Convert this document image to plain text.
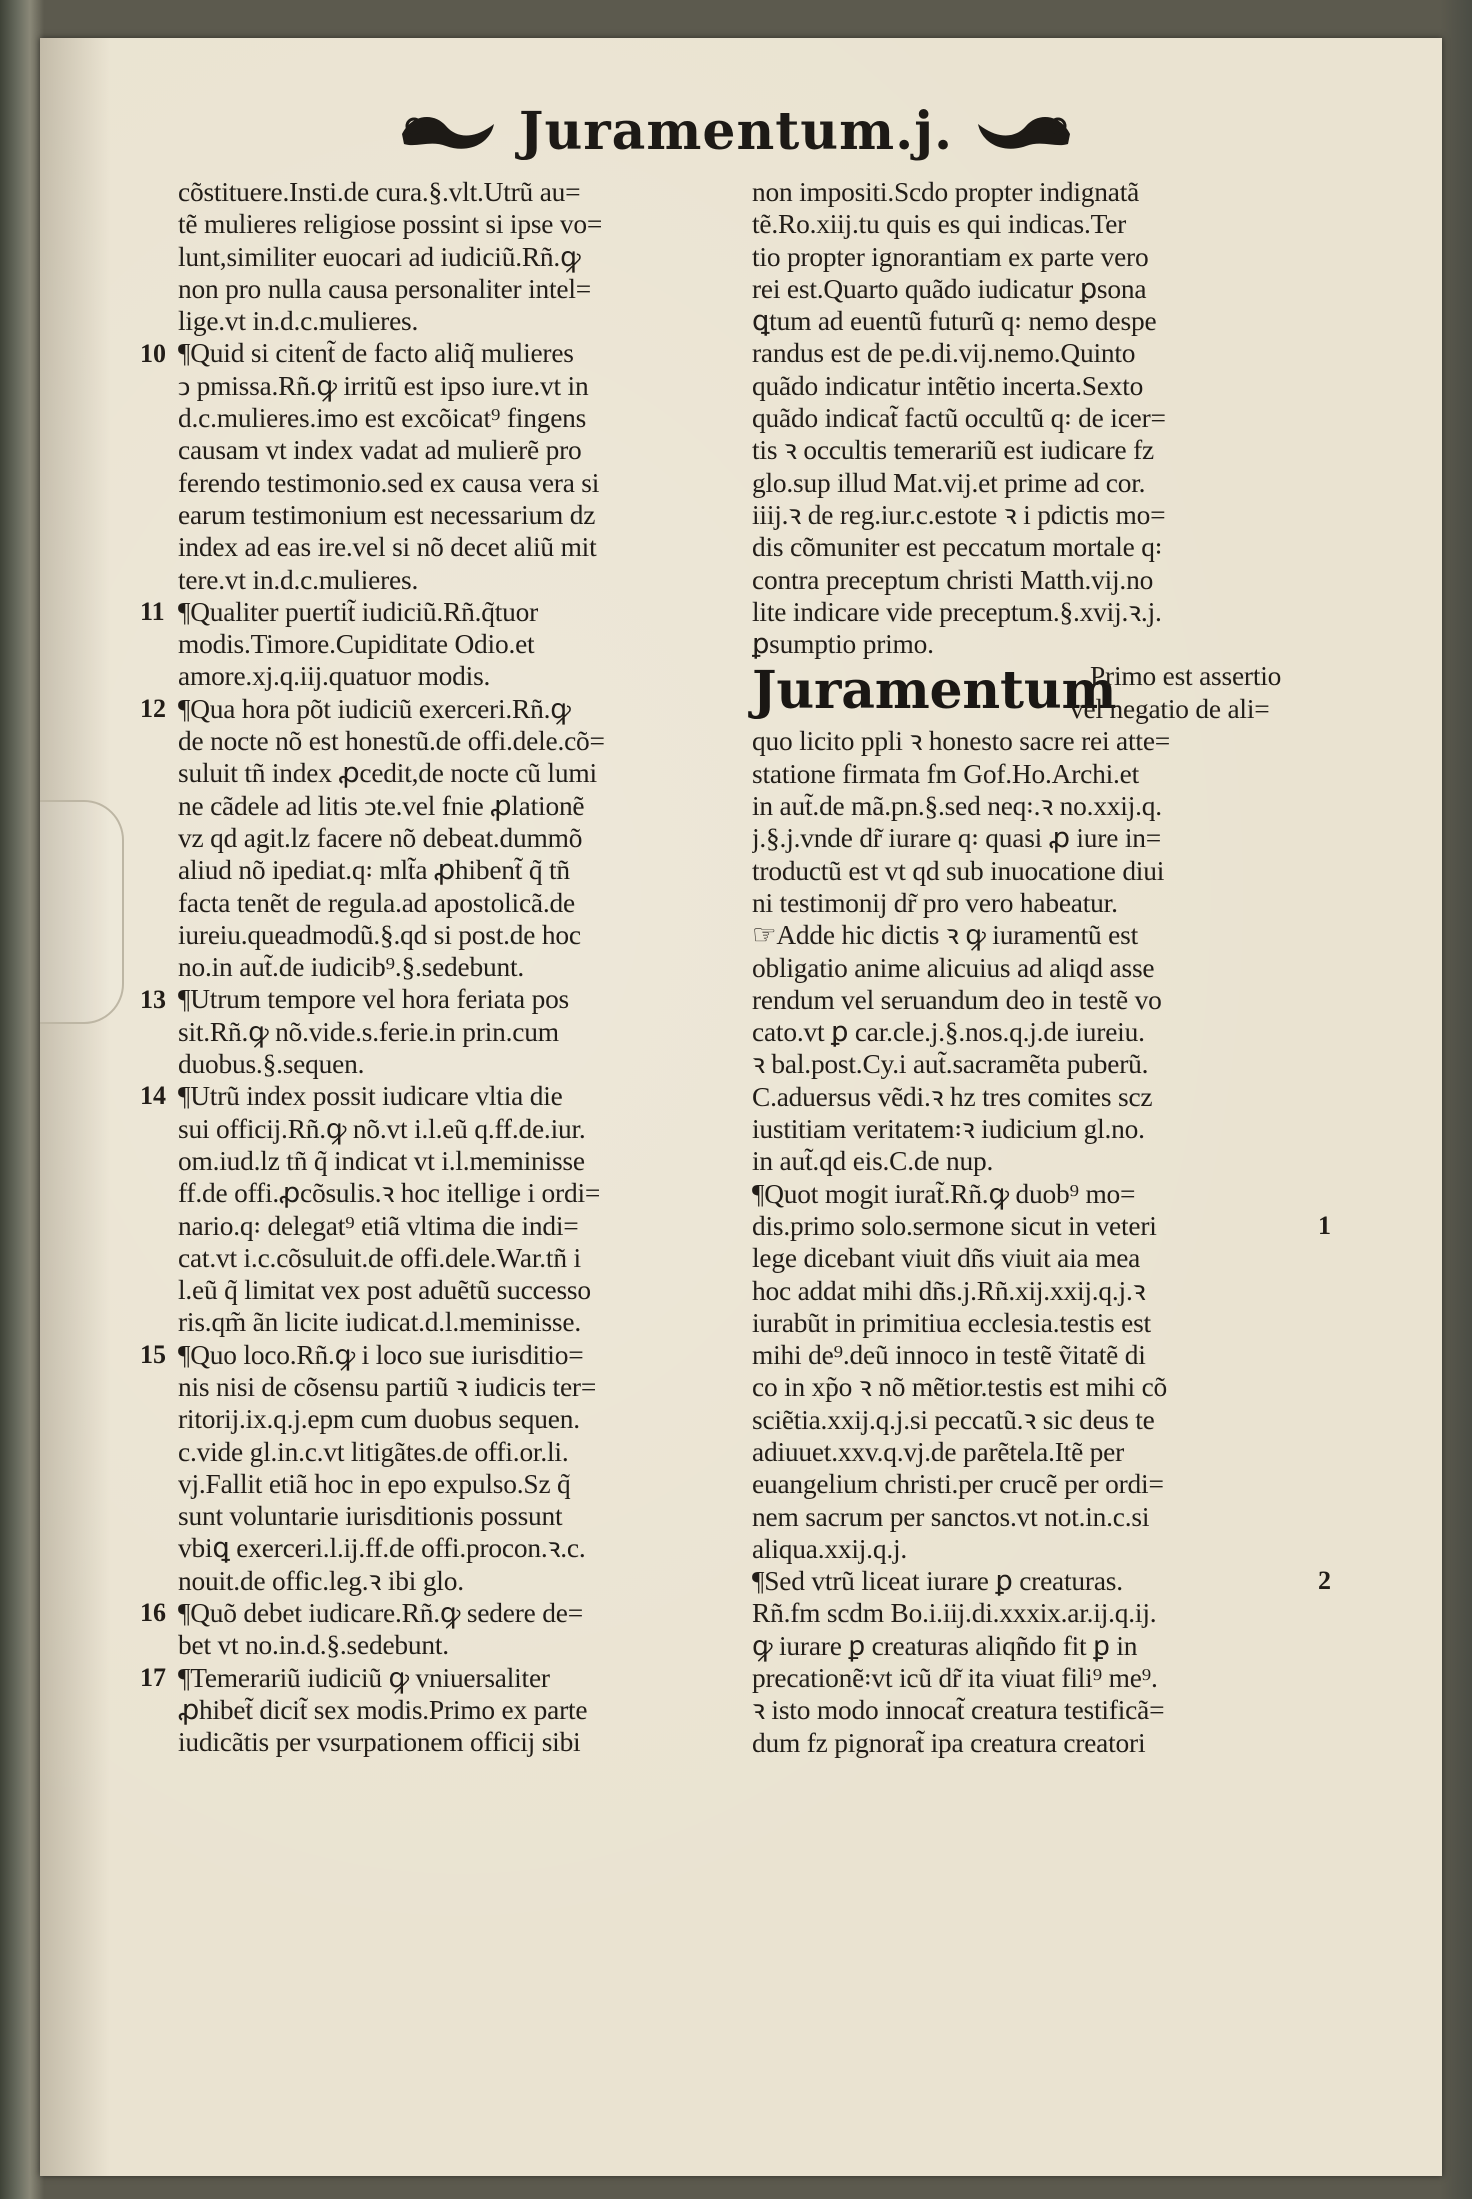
Juramentum.j.
cõstituere.Insti.de cura.§.vlt.Utrũ au=
tẽ mulieres religiose possint si ipse vo=
lunt,similiter euocari ad iudiciũ.Rñ.ꝙ
non pro nulla causa personaliter intel=
lige.vt in.d.c.mulieres.
¶Quid si citent̃ de facto aliq̃ mulieres
ↄ pmissa.Rñ.ꝙ irritũ est ipso iure.vt in
d.c.mulieres.imo est excõicat⁹ fingens
causam vt index vadat ad mulierẽ pro
ferendo testimonio.sed ex causa vera si
earum testimonium est necessarium dz
index ad eas ire.vel si nõ decet aliũ mit
tere.vt in.d.c.mulieres.
¶Qualiter puertit̃ iudiciũ.Rñ.q̃tuor
modis.Timore.Cupiditate Odio.et
amore.xj.q.iij.quatuor modis.
¶Qua hora põt iudiciũ exerceri.Rñ.ꝙ
de nocte nõ est honestũ.de offi.dele.cõ=
suluit tñ index ꝓcedit,de nocte cũ lumi
ne cãdele ad litis ↄte.vel fnie ꝓlationẽ
vz qd agit.lz facere nõ debeat.dummõ
aliud nõ ipediat.q꞉ mlt̃a ꝓhibent̃ q̃ tñ
facta tenẽt de regula.ad apostolicã.de
iureiu.queadmodũ.§.qd si post.de hoc
no.in aut̃.de iudicib⁹.§.sedebunt.
¶Utrum tempore vel hora feriata pos
sit.Rñ.ꝙ nõ.vide.s.ferie.in prin.cum
duobus.§.sequen.
¶Utrũ index possit iudicare vltia die
sui officij.Rñ.ꝙ nõ.vt i.l.eũ q.ff.de.iur.
om.iud.lz tñ q̃ indicat vt i.l.meminisse
ff.de offi.ꝓcõsulis.ꝛ hoc itellige i ordi=
nario.q꞉ delegat⁹ etiã vltima die indi=
cat.vt i.c.cõsuluit.de offi.dele.War.tñ i
l.eũ q̃ limitat vex post aduẽtũ successo
ris.qm̃ ãn licite iudicat.d.l.meminisse.
¶Quo loco.Rñ.ꝙ i loco sue iurisditio=
nis nisi de cõsensu partiũ ꝛ iudicis ter=
ritorij.ix.q.j.epm cum duobus sequen.
c.vide gl.in.c.vt litigãtes.de offi.or.li.
vj.Fallit etiã hoc in epo expulso.Sz q̃
sunt voluntarie iurisditionis possunt
vbiꝗ exerceri.l.ij.ff.de offi.procon.ꝛ.c.
nouit.de offic.leg.ꝛ ibi glo.
¶Quõ debet iudicare.Rñ.ꝙ sedere de=
bet vt no.in.d.§.sedebunt.
¶Temerariũ iudiciũ ꝙ vniuersaliter
ꝓhibet̃ dicit̃ sex modis.Primo ex parte
iudicãtis per vsurpationem officij sibi
non impositi.Scdo propter indignatã
tẽ.Ro.xiij.tu quis es qui indicas.Ter
tio propter ignorantiam ex parte vero
rei est.Quarto quãdo iudicatur ꝑsona
ꝗtum ad euentũ futurũ q꞉ nemo despe
randus est de pe.di.vij.nemo.Quinto
quãdo indicatur intẽtio incerta.Sexto
quãdo indicat̃ factũ occultũ q꞉ de icer=
tis ꝛ occultis temerariũ est iudicare fz
glo.sup illud Mat.vij.et prime ad cor.
iiij.ꝛ de reg.iur.c.estote ꝛ i pdictis mo=
dis cõmuniter est peccatum mortale q꞉
contra preceptum christi Matth.vij.no
lite indicare vide preceptum.§.xvij.ꝛ.j.
ꝑsumptio primo.
Juramentum
Primo est assertio
vel negatio de ali=
quo licito ppli ꝛ honesto sacre rei atte=
statione firmata fm Gof.Ho.Archi.et
in aut̃.de mã.pn.§.sed neq꞉.ꝛ no.xxij.q.
j.§.j.vnde dr̃ iurare q꞉ quasi ꝓ iure in=
troductũ est vt qd sub inuocatione diui
ni testimonij dr̃ pro vero habeatur.
☞Adde hic dictis ꝛ ꝙ iuramentũ est
obligatio anime alicuius ad aliqd asse
rendum vel seruandum deo in testẽ vo
cato.vt ꝑ car.cle.j.§.nos.q.j.de iureiu.
ꝛ bal.post.Cy.i aut̃.sacramẽta puberũ.
C.aduersus vẽdi.ꝛ hz tres comites scz
iustitiam veritatem꞉ꝛ iudicium gl.no.
in aut̃.qd eis.C.de nup.
¶Quot mogit iurat̃.Rñ.ꝙ duob⁹ mo=
dis.primo solo.sermone sicut in veteri
lege dicebant viuit dñs viuit aia mea
hoc addat mihi dñs.j.Rñ.xij.xxij.q.j.ꝛ
iurabũt in primitiua ecclesia.testis est
mihi de⁹.deũ innoco in testẽ ṽitatẽ di
co in xp̃o ꝛ nõ mẽtior.testis est mihi cõ
sciẽtia.xxij.q.j.si peccatũ.ꝛ sic deus te
adiuuet.xxv.q.vj.de parẽtela.Itẽ per
euangelium christi.per crucẽ per ordi=
nem sacrum per sanctos.vt not.in.c.si
aliqua.xxij.q.j.
¶Sed vtrũ liceat iurare ꝑ creaturas.
Rñ.fm scdm Bo.i.iij.di.xxxix.ar.ij.q.ij.
ꝙ iurare ꝑ creaturas aliqñdo fit ꝑ in
precationẽ꞉vt icũ dr̃ ita viuat fili⁹ me⁹.
ꝛ isto modo innocat̃ creatura testificã=
dum fz pignorat̃ ipa creatura creatori
10
11
12
13
14
15
16
17
1
2
